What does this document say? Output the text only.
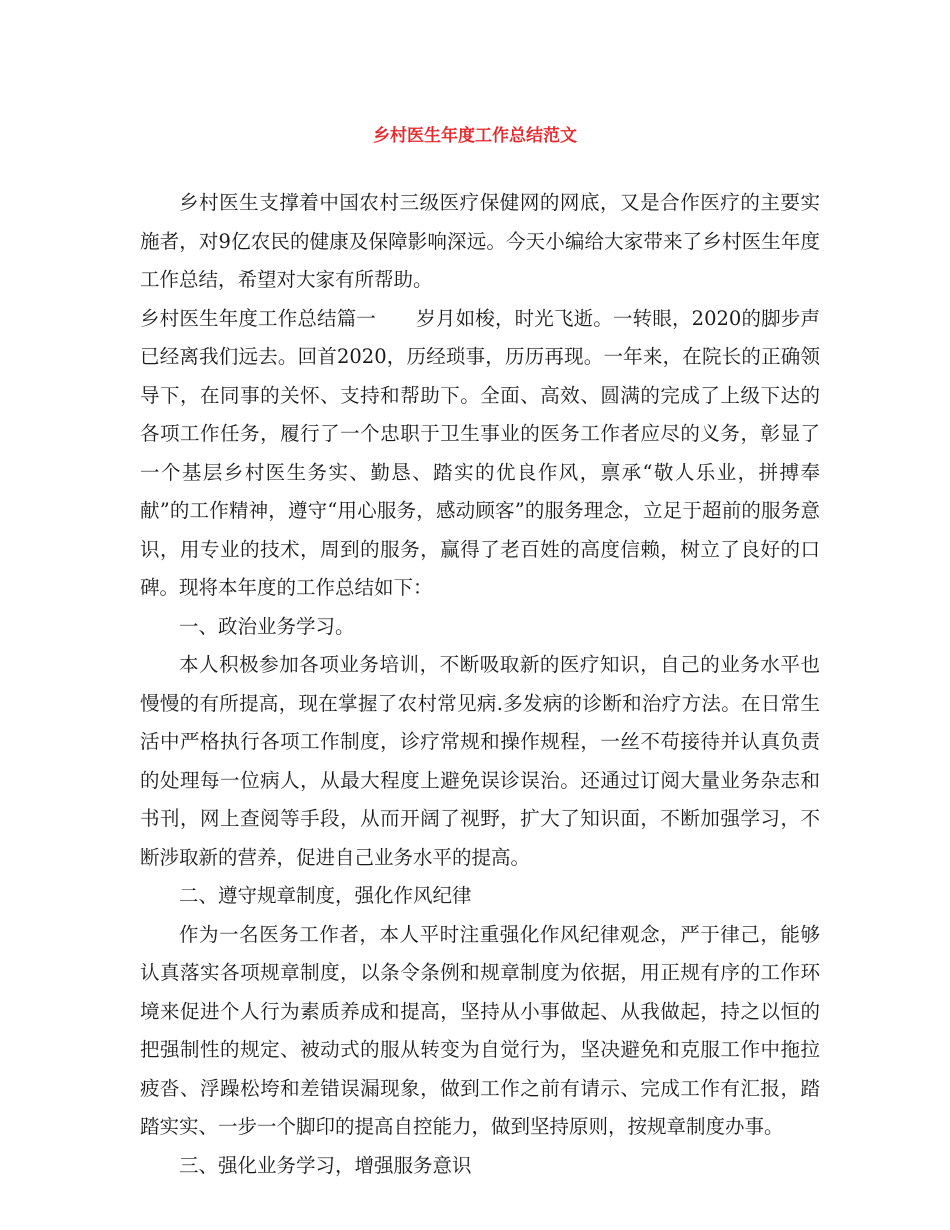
乡村医生年度工作总结范文

乡村医生支撑着中国农村三级医疗保健网的网底，又是合作医疗的主要实施者，对9亿农民的健康及保障影响深远。今天小编给大家带来了乡村医生年度工作总结，希望对大家有所帮助。

乡村医生年度工作总结篇一 岁月如梭，时光飞逝。一转眼，2020的脚步声已经离我们远去。回首2020，历经琐事，历历再现。一年来，在院长的正确领导下，在同事的关怀、支持和帮助下。全面、高效、圆满的完成了上级下达的各项工作任务，履行了一个忠职于卫生事业的医务工作者应尽的义务，彰显了一个基层乡村医生务实、勤恳、踏实的优良作风，禀承“敬人乐业，拼搏奉献”的工作精神，遵守“用心服务，感动顾客”的服务理念，立足于超前的服务意识，用专业的技术，周到的服务，赢得了老百姓的高度信赖，树立了良好的口碑。现将本年度的工作总结如下：

一、政治业务学习。

本人积极参加各项业务培训，不断吸取新的医疗知识，自己的业务水平也慢慢的有所提高，现在掌握了农村常见病.多发病的诊断和治疗方法。在日常生活中严格执行各项工作制度，诊疗常规和操作规程，一丝不苟接待并认真负责的处理每一位病人，从最大程度上避免误诊误治。还通过订阅大量业务杂志和书刊，网上查阅等手段，从而开阔了视野，扩大了知识面，不断加强学习，不断涉取新的营养，促进自己业务水平的提高。

二、遵守规章制度，强化作风纪律

作为一名医务工作者，本人平时注重强化作风纪律观念，严于律己，能够认真落实各项规章制度，以条令条例和规章制度为依据，用正规有序的工作环境来促进个人行为素质养成和提高，坚持从小事做起、从我做起，持之以恒的把强制性的规定、被动式的服从转变为自觉行为，坚决避免和克服工作中拖拉疲沓、浮躁松垮和差错误漏现象，做到工作之前有请示、完成工作有汇报，踏踏实实、一步一个脚印的提高自控能力，做到坚持原则，按规章制度办事。

三、强化业务学习，增强服务意识
